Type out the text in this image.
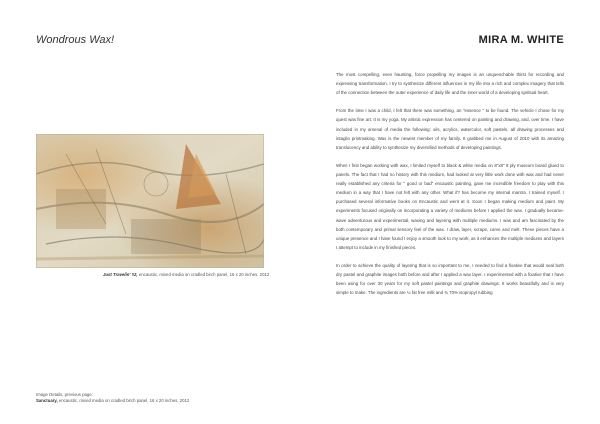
Wondrous Wax!	MIRA M. WHITE
Just Travelin' #2, encaustic, mixed media on cradled birch panel, 16 x 20 inches, 2012
Image Details, previous page:
Sanctuary, encaustic, mixed media on cradled birch panel, 16 x 20 inches, 2012

The most compelling, even haunting, force propelling my images is an unquenchable thirst for recording and expressing transformation. I try to synthesize different influences in my life into a rich and complex imagery that tells of the connection between the outer experience of daily life and the inner world of a developing spiritual heart.

From the time I was a child, I felt that there was something, an "essence " to be found. The vehicle I chose for my quest was fine art. It is my yoga. My artistic expression has centered on painting and drawing, and, over time, I have included in my arsenal of media the following: oils, acrylics, watercolor, soft pastels, all drawing processes and intaglio printmaking. Wax is the newest member of my family. It grabbed me in August of 2010 with its amazing translucency and ability to synthesize my diversified methods of developing paintings.

When I first began working with wax, I limited myself to black & white media on 8"x8" 8 ply museum board glued to panels. The fact that I had no history with this medium, had looked at very little work done with wax and had never really established any criteria for " good or bad" encaustic painting, gave me incredible freedom to play with this medium in a way that I have not felt with any other. What if? has become my internal mantra. I trained myself. I purchased several informative books on Encaustic and went at it. Soon I began making medium and paint. My experiments focused originally on incorporating a variety of mediums before I applied the wax. I gradually became- wave adventurous and experimental, waxing and layering with multiple mediums. I was and am fascinated by the both contemporary and primal sensory feel of the wax. I draw, layer, scrape, carve and melt. These pieces have a unique presence and I have found I enjoy a smooth look to my work, as it enhances the multiple mediums and layers I attempt to include in my finished pieces.

In order to achieve the quality of layering that is so important to me, I needed to find a fixative that would seal both dry pastel and graphite images both before and after I applied a wax layer. I experimented with a fixative that I have been using for over 30 years for my soft pastel paintings and graphite drawings. It works beautifully and is very simple to make. The ingredients are ¼ fat free milk and ¾ 70% isopropyl rubbing
